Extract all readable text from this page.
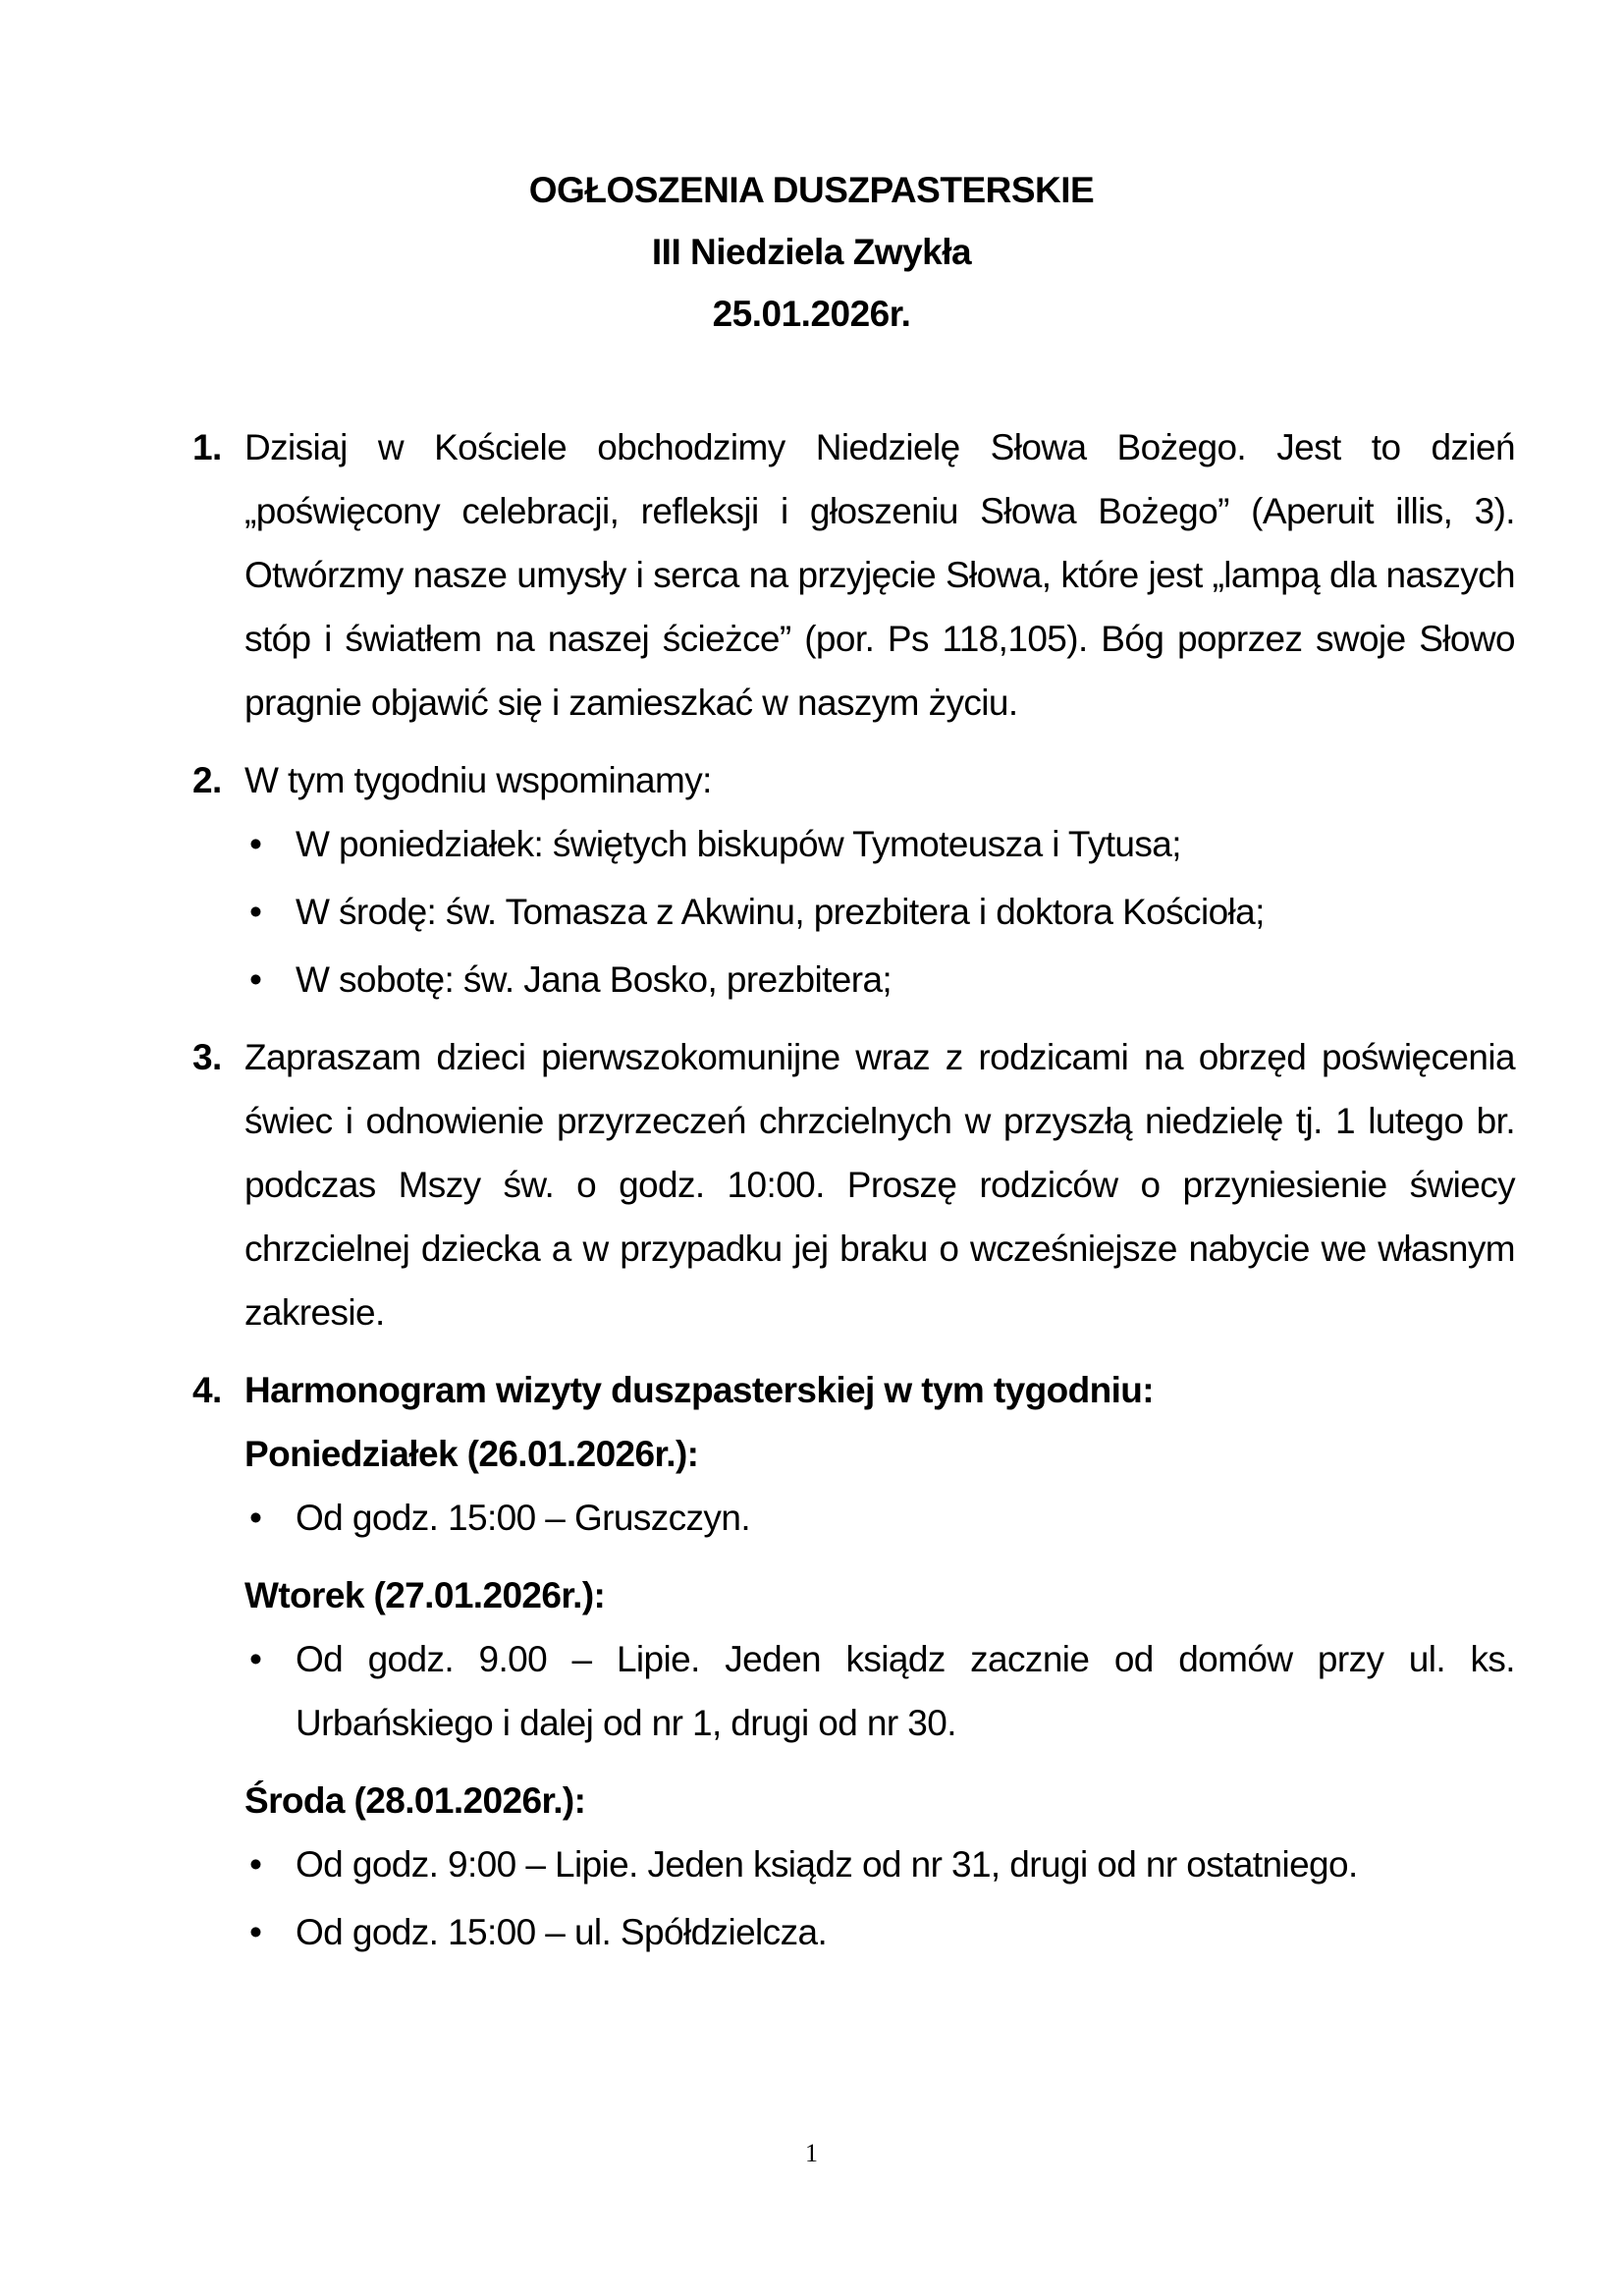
OGŁOSZENIA DUSZPASTERSKIE
III Niedziela Zwykła
25.01.2026r.
1. Dzisiaj w Kościele obchodzimy Niedzielę Słowa Bożego. Jest to dzień „poświęcony celebracji, refleksji i głoszeniu Słowa Bożego” (Aperuit illis, 3). Otwórzmy nasze umysły i serca na przyjęcie Słowa, które jest „lampą dla naszych stóp i światłem na naszej ścieżce” (por. Ps 118,105). Bóg poprzez swoje Słowo pragnie objawić się i zamieszkać w naszym życiu.
2. W tym tygodniu wspominamy:
• W poniedziałek: świętych biskupów Tymoteusza i Tytusa;
• W środę: św. Tomasza z Akwinu, prezbitera i doktora Kościoła;
• W sobotę: św. Jana Bosko, prezbitera;
3. Zapraszam dzieci pierwszokomunijne wraz z rodzicami na obrzęd poświęcenia świec i odnowienie przyrzeczeń chrzcielnych w przyszłą niedzielę tj. 1 lutego br. podczas Mszy św. o godz. 10:00. Proszę rodziców o przyniesienie świecy chrzcielnej dziecka a w przypadku jej braku o wcześniejsze nabycie we własnym zakresie.
4. Harmonogram wizyty duszpasterskiej w tym tygodniu:
Poniedziałek (26.01.2026r.):
• Od godz. 15:00 – Gruszczyn.
Wtorek (27.01.2026r.):
• Od godz. 9.00 – Lipie. Jeden ksiądz zacznie od domów przy ul. ks. Urbańskiego i dalej od nr 1, drugi od nr 30.
Środa (28.01.2026r.):
• Od godz. 9:00 – Lipie. Jeden ksiądz od nr 31, drugi od nr ostatniego.
• Od godz. 15:00 – ul. Spółdzielcza.
1
